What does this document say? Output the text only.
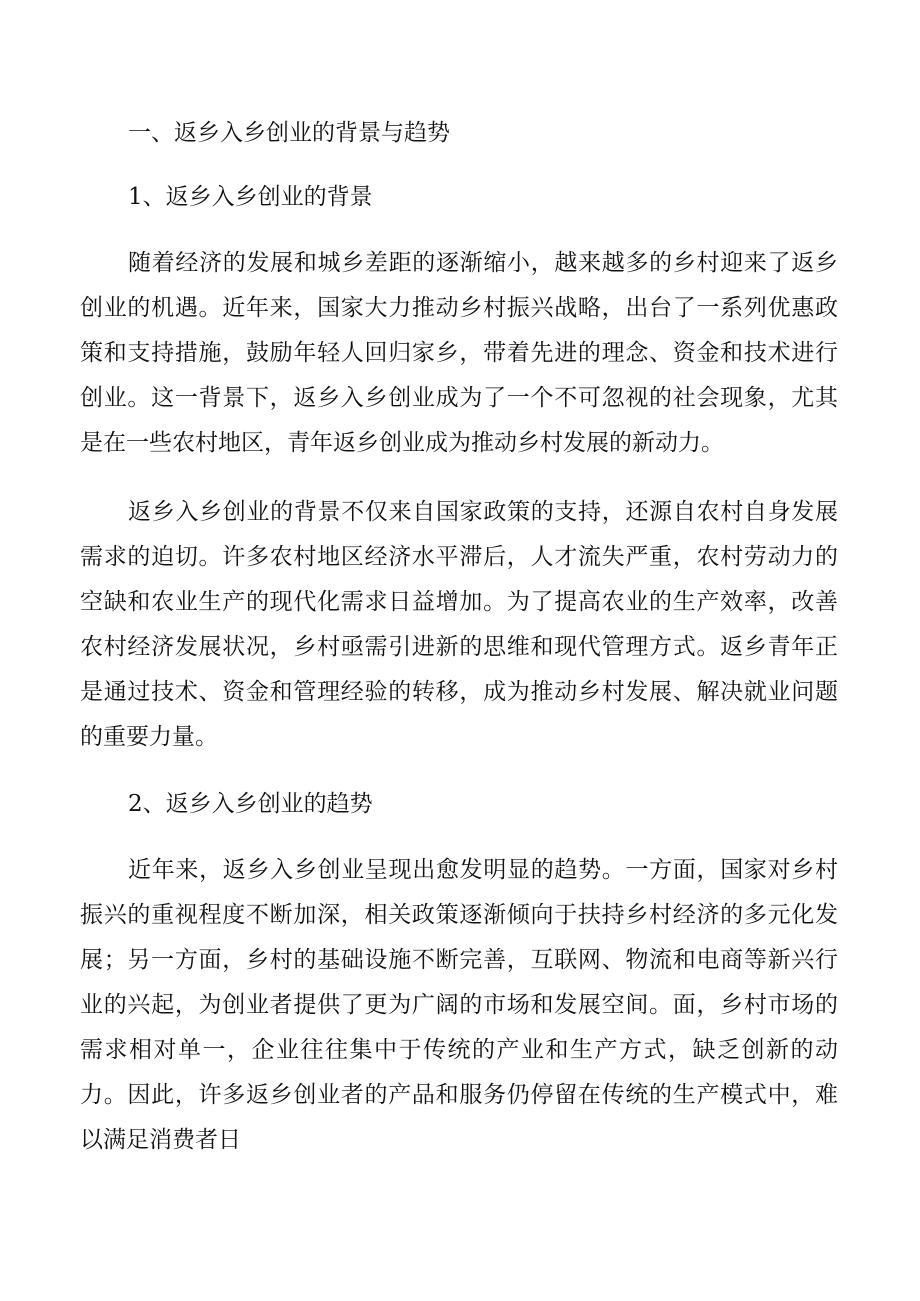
一、返乡入乡创业的背景与趋势
1、返乡入乡创业的背景

随着经济的发展和城乡差距的逐渐缩小，越来越多的乡村迎来了返乡创业的机遇。近年来，国家大力推动乡村振兴战略，出台了一系列优惠政策和支持措施，鼓励年轻人回归家乡，带着先进的理念、资金和技术进行创业。这一背景下，返乡入乡创业成为了一个不可忽视的社会现象，尤其是在一些农村地区，青年返乡创业成为推动乡村发展的新动力。

返乡入乡创业的背景不仅来自国家政策的支持，还源自农村自身发展需求的迫切。许多农村地区经济水平滞后，人才流失严重，农村劳动力的空缺和农业生产的现代化需求日益增加。为了提高农业的生产效率，改善农村经济发展状况，乡村亟需引进新的思维和现代管理方式。返乡青年正是通过技术、资金和管理经验的转移，成为推动乡村发展、解决就业问题的重要力量。

2、返乡入乡创业的趋势

近年来，返乡入乡创业呈现出愈发明显的趋势。一方面，国家对乡村振兴的重视程度不断加深，相关政策逐渐倾向于扶持乡村经济的多元化发展；另一方面，乡村的基础设施不断完善，互联网、物流和电商等新兴行业的兴起，为创业者提供了更为广阔的市场和发展空间。面，乡村市场的需求相对单一，企业往往集中于传统的产业和生产方式，缺乏创新的动力。因此，许多返乡创业者的产品和服务仍停留在传统的生产模式中，难以满足消费者日
